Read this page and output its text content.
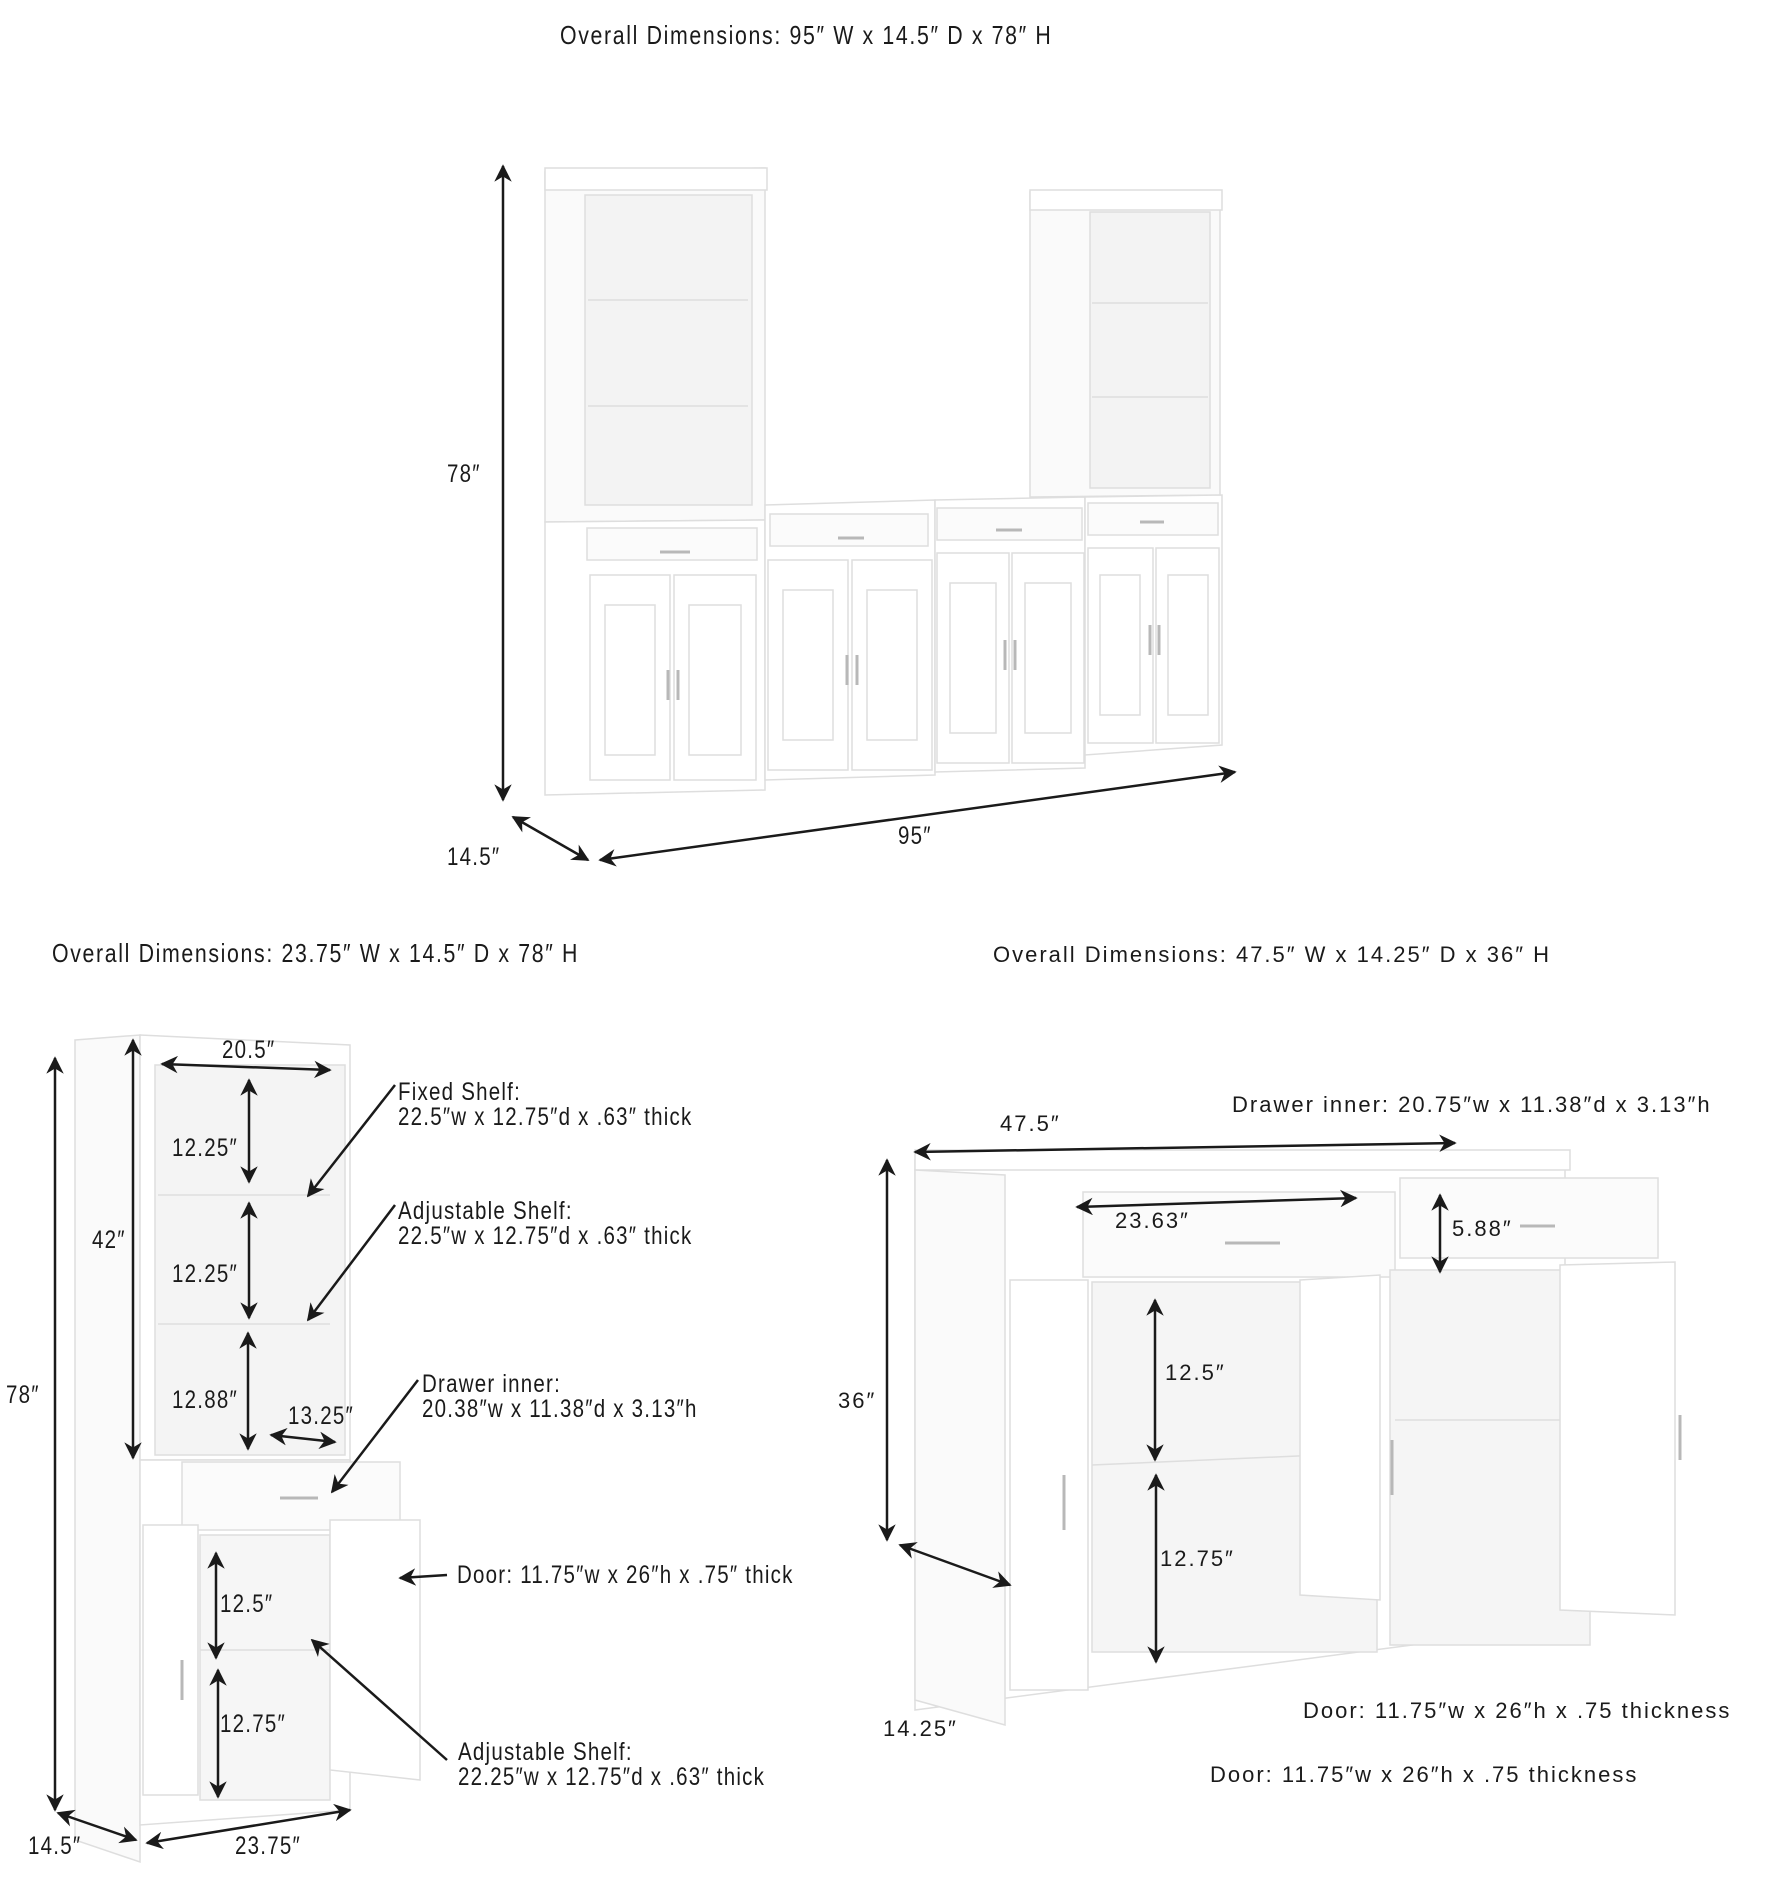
Overall Dimensions: 95″ W x 14.5″ D x 78″ H
78″
14.5″
95″
Overall Dimensions: 23.75″ W x 14.5″ D x 78″ H
78″
42″
20.5″
12.25″
12.25″
12.88″
13.25″
12.5″
12.75″
14.5″	23.75″
Fixed Shelf:
22.5″w x 12.75″d x .63″ thick
Adjustable Shelf:
22.5″w x 12.75″d x .63″ thick
Drawer inner:
20.38″w x 11.38″d x 3.13″h
Door: 11.75″w x 26″h x .75″ thick
Adjustable Shelf:
22.25″w x 12.75″d x .63″ thick
Overall Dimensions: 47.5″ W x 14.25″ D x 36″ H
Drawer inner: 20.75″w x 11.38″d x 3.13″h
47.5″
23.63″	5.88″
36″
12.5″
12.75″
14.25″
Door: 11.75″w x 26″h x .75 thickness
Door: 11.75″w x 26″h x .75 thickness
